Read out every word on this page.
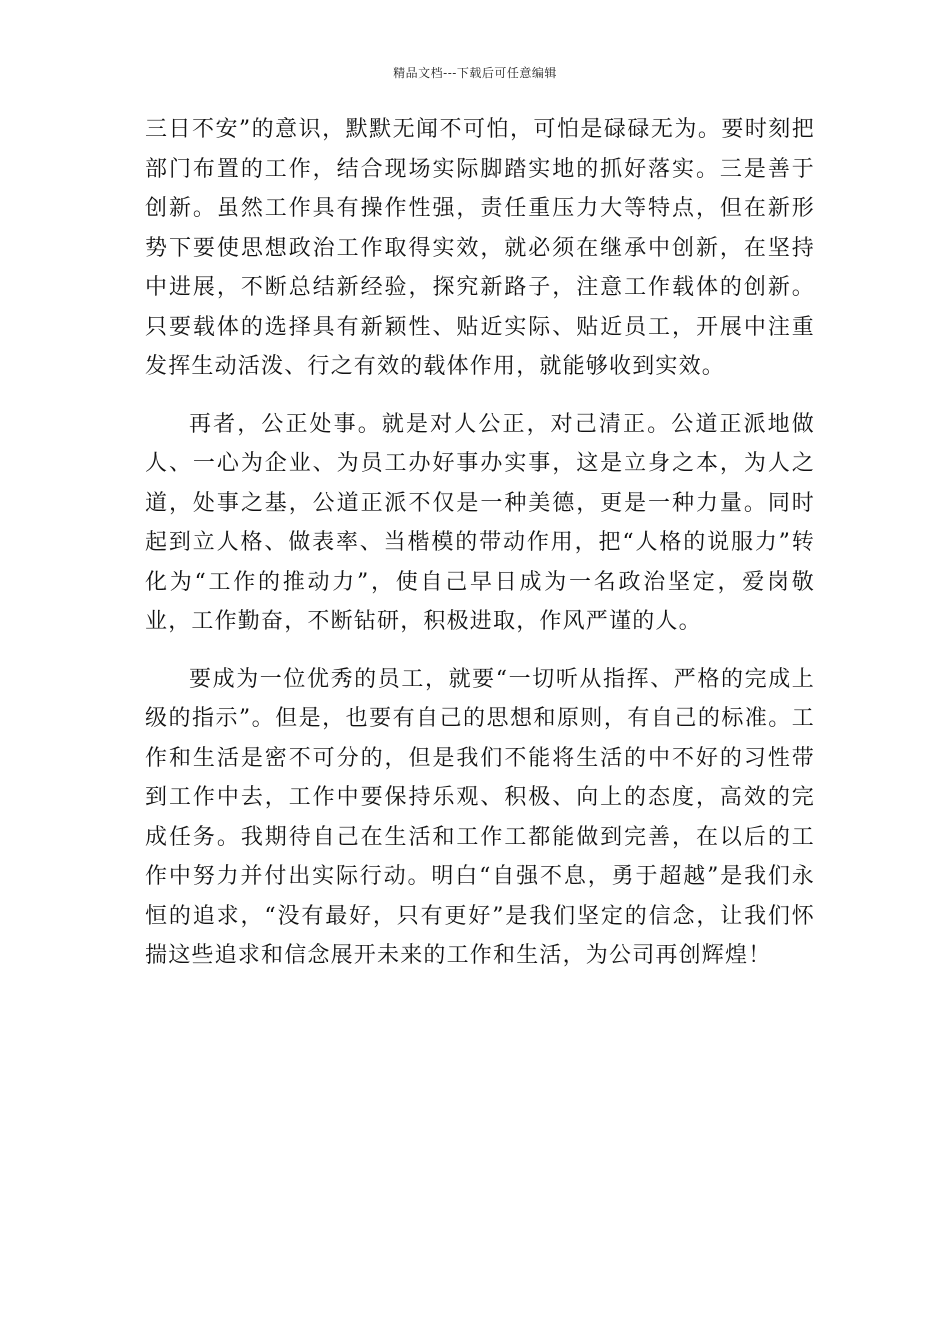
精品文档---下载后可任意编辑

三日不安”的意识，默默无闻不可怕，可怕是碌碌无为。要时刻把部门布置的工作，结合现场实际脚踏实地的抓好落实。三是善于创新。虽然工作具有操作性强，责任重压力大等特点，但在新形势下要使思想政治工作取得实效，就必须在继承中创新，在坚持中进展，不断总结新经验，探究新路子，注意工作载体的创新。只要载体的选择具有新颖性、贴近实际、贴近员工，开展中注重发挥生动活泼、行之有效的载体作用，就能够收到实效。

再者，公正处事。就是对人公正，对己清正。公道正派地做人、一心为企业、为员工办好事办实事，这是立身之本，为人之道，处事之基，公道正派不仅是一种美德，更是一种力量。同时起到立人格、做表率、当楷模的带动作用，把“人格的说服力”转化为“工作的推动力”，使自己早日成为一名政治坚定，爱岗敬业，工作勤奋，不断钻研，积极进取，作风严谨的人。

要成为一位优秀的员工，就要“一切听从指挥、严格的完成上级的指示”。但是，也要有自己的思想和原则，有自己的标准。工作和生活是密不可分的，但是我们不能将生活的中不好的习性带到工作中去，工作中要保持乐观、积极、向上的态度，高效的完成任务。我期待自己在生活和工作工都能做到完善，在以后的工作中努力并付出实际行动。明白“自强不息，勇于超越”是我们永恒的追求，“没有最好，只有更好”是我们坚定的信念，让我们怀揣这些追求和信念展开未来的工作和生活，为公司再创辉煌！
